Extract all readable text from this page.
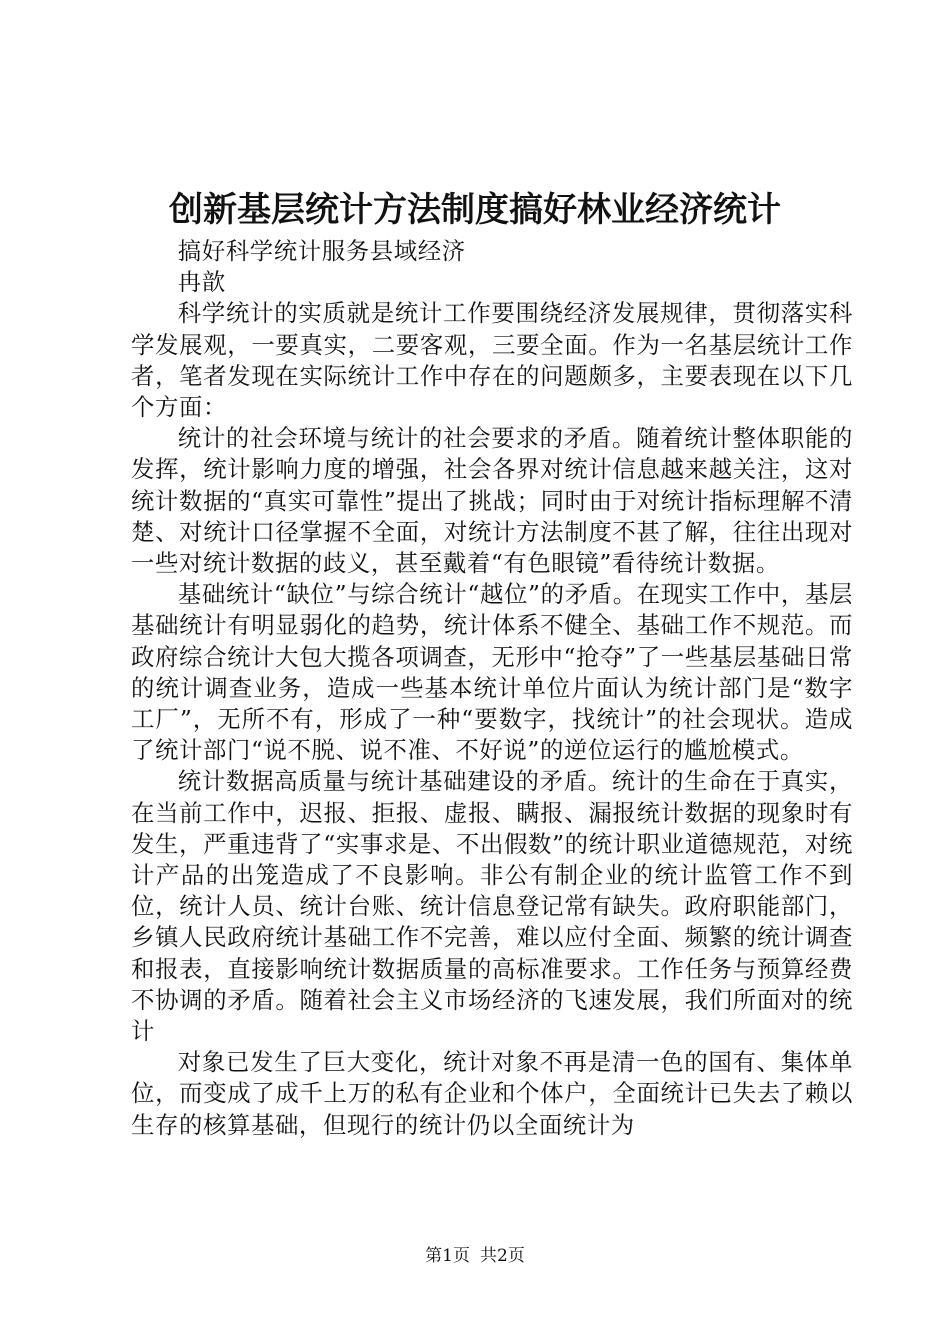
创新基层统计方法制度搞好林业经济统计

搞好科学统计服务县域经济

冉歆

科学统计的实质就是统计工作要围绕经济发展规律，贯彻落实科学发展观，一要真实，二要客观，三要全面。作为一名基层统计工作者，笔者发现在实际统计工作中存在的问题颇多，主要表现在以下几个方面：

统计的社会环境与统计的社会要求的矛盾。随着统计整体职能的发挥，统计影响力度的增强，社会各界对统计信息越来越关注，这对统计数据的“真实可靠性”提出了挑战；同时由于对统计指标理解不清楚、对统计口径掌握不全面，对统计方法制度不甚了解，往往出现对一些对统计数据的歧义，甚至戴着“有色眼镜”看待统计数据。

基础统计“缺位”与综合统计“越位”的矛盾。在现实工作中，基层基础统计有明显弱化的趋势，统计体系不健全、基础工作不规范。而政府综合统计大包大揽各项调查，无形中“抢夺”了一些基层基础日常的统计调查业务，造成一些基本统计单位片面认为统计部门是“数字工厂”，无所不有，形成了一种“要数字，找统计”的社会现状。造成了统计部门“说不脱、说不准、不好说”的逆位运行的尴尬模式。

统计数据高质量与统计基础建设的矛盾。统计的生命在于真实，在当前工作中，迟报、拒报、虚报、瞒报、漏报统计数据的现象时有发生，严重违背了“实事求是、不出假数”的统计职业道德规范，对统计产品的出笼造成了不良影响。非公有制企业的统计监管工作不到位，统计人员、统计台账、统计信息登记常有缺失。政府职能部门，乡镇人民政府统计基础工作不完善，难以应付全面、频繁的统计调查和报表，直接影响统计数据质量的高标准要求。工作任务与预算经费不协调的矛盾。随着社会主义市场经济的飞速发展，我们所面对的统计

对象已发生了巨大变化，统计对象不再是清一色的国有、集体单位，而变成了成千上万的私有企业和个体户，全面统计已失去了赖以生存的核算基础，但现行的统计仍以全面统计为

第1页 共2页
